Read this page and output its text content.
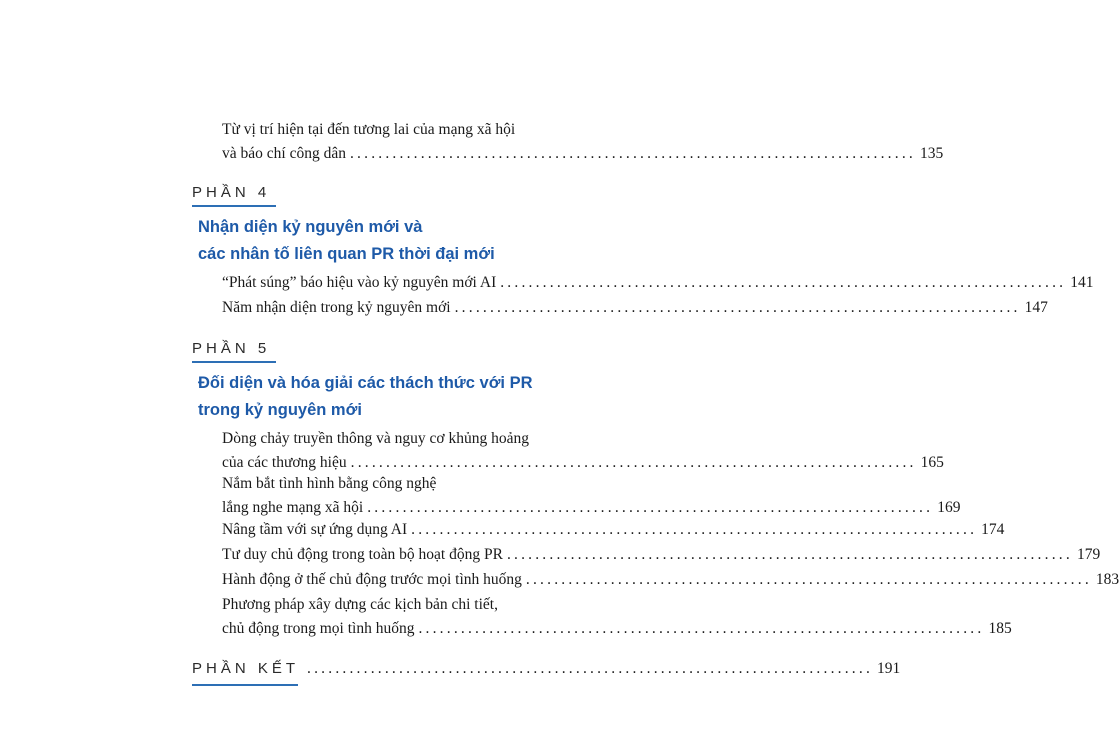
Từ vị trí hiện tại đến tương lai của mạng xã hội
và báo chí công dân ................................................................................ 135
PHẦN 4
Nhận diện kỷ nguyên mới và
các nhân tố liên quan PR thời đại mới
“Phát súng” báo hiệu vào kỷ nguyên mới AI ................................................................................ 141
Năm nhận diện trong kỷ nguyên mới ................................................................................ 147
PHẦN 5
Đối diện và hóa giải các thách thức với PR
trong kỷ nguyên mới
Dòng chảy truyền thông và nguy cơ khủng hoảng
của các thương hiệu ................................................................................ 165
Nắm bắt tình hình bằng công nghệ
lắng nghe mạng xã hội ................................................................................ 169
Nâng tầm với sự ứng dụng AI ................................................................................ 174
Tư duy chủ động trong toàn bộ hoạt động PR ................................................................................ 179
Hành động ở thế chủ động trước mọi tình huống ................................................................................ 183
Phương pháp xây dựng các kịch bản chi tiết,
chủ động trong mọi tình huống ................................................................................ 185
PHẦN KẾT ................................................................................ 191
